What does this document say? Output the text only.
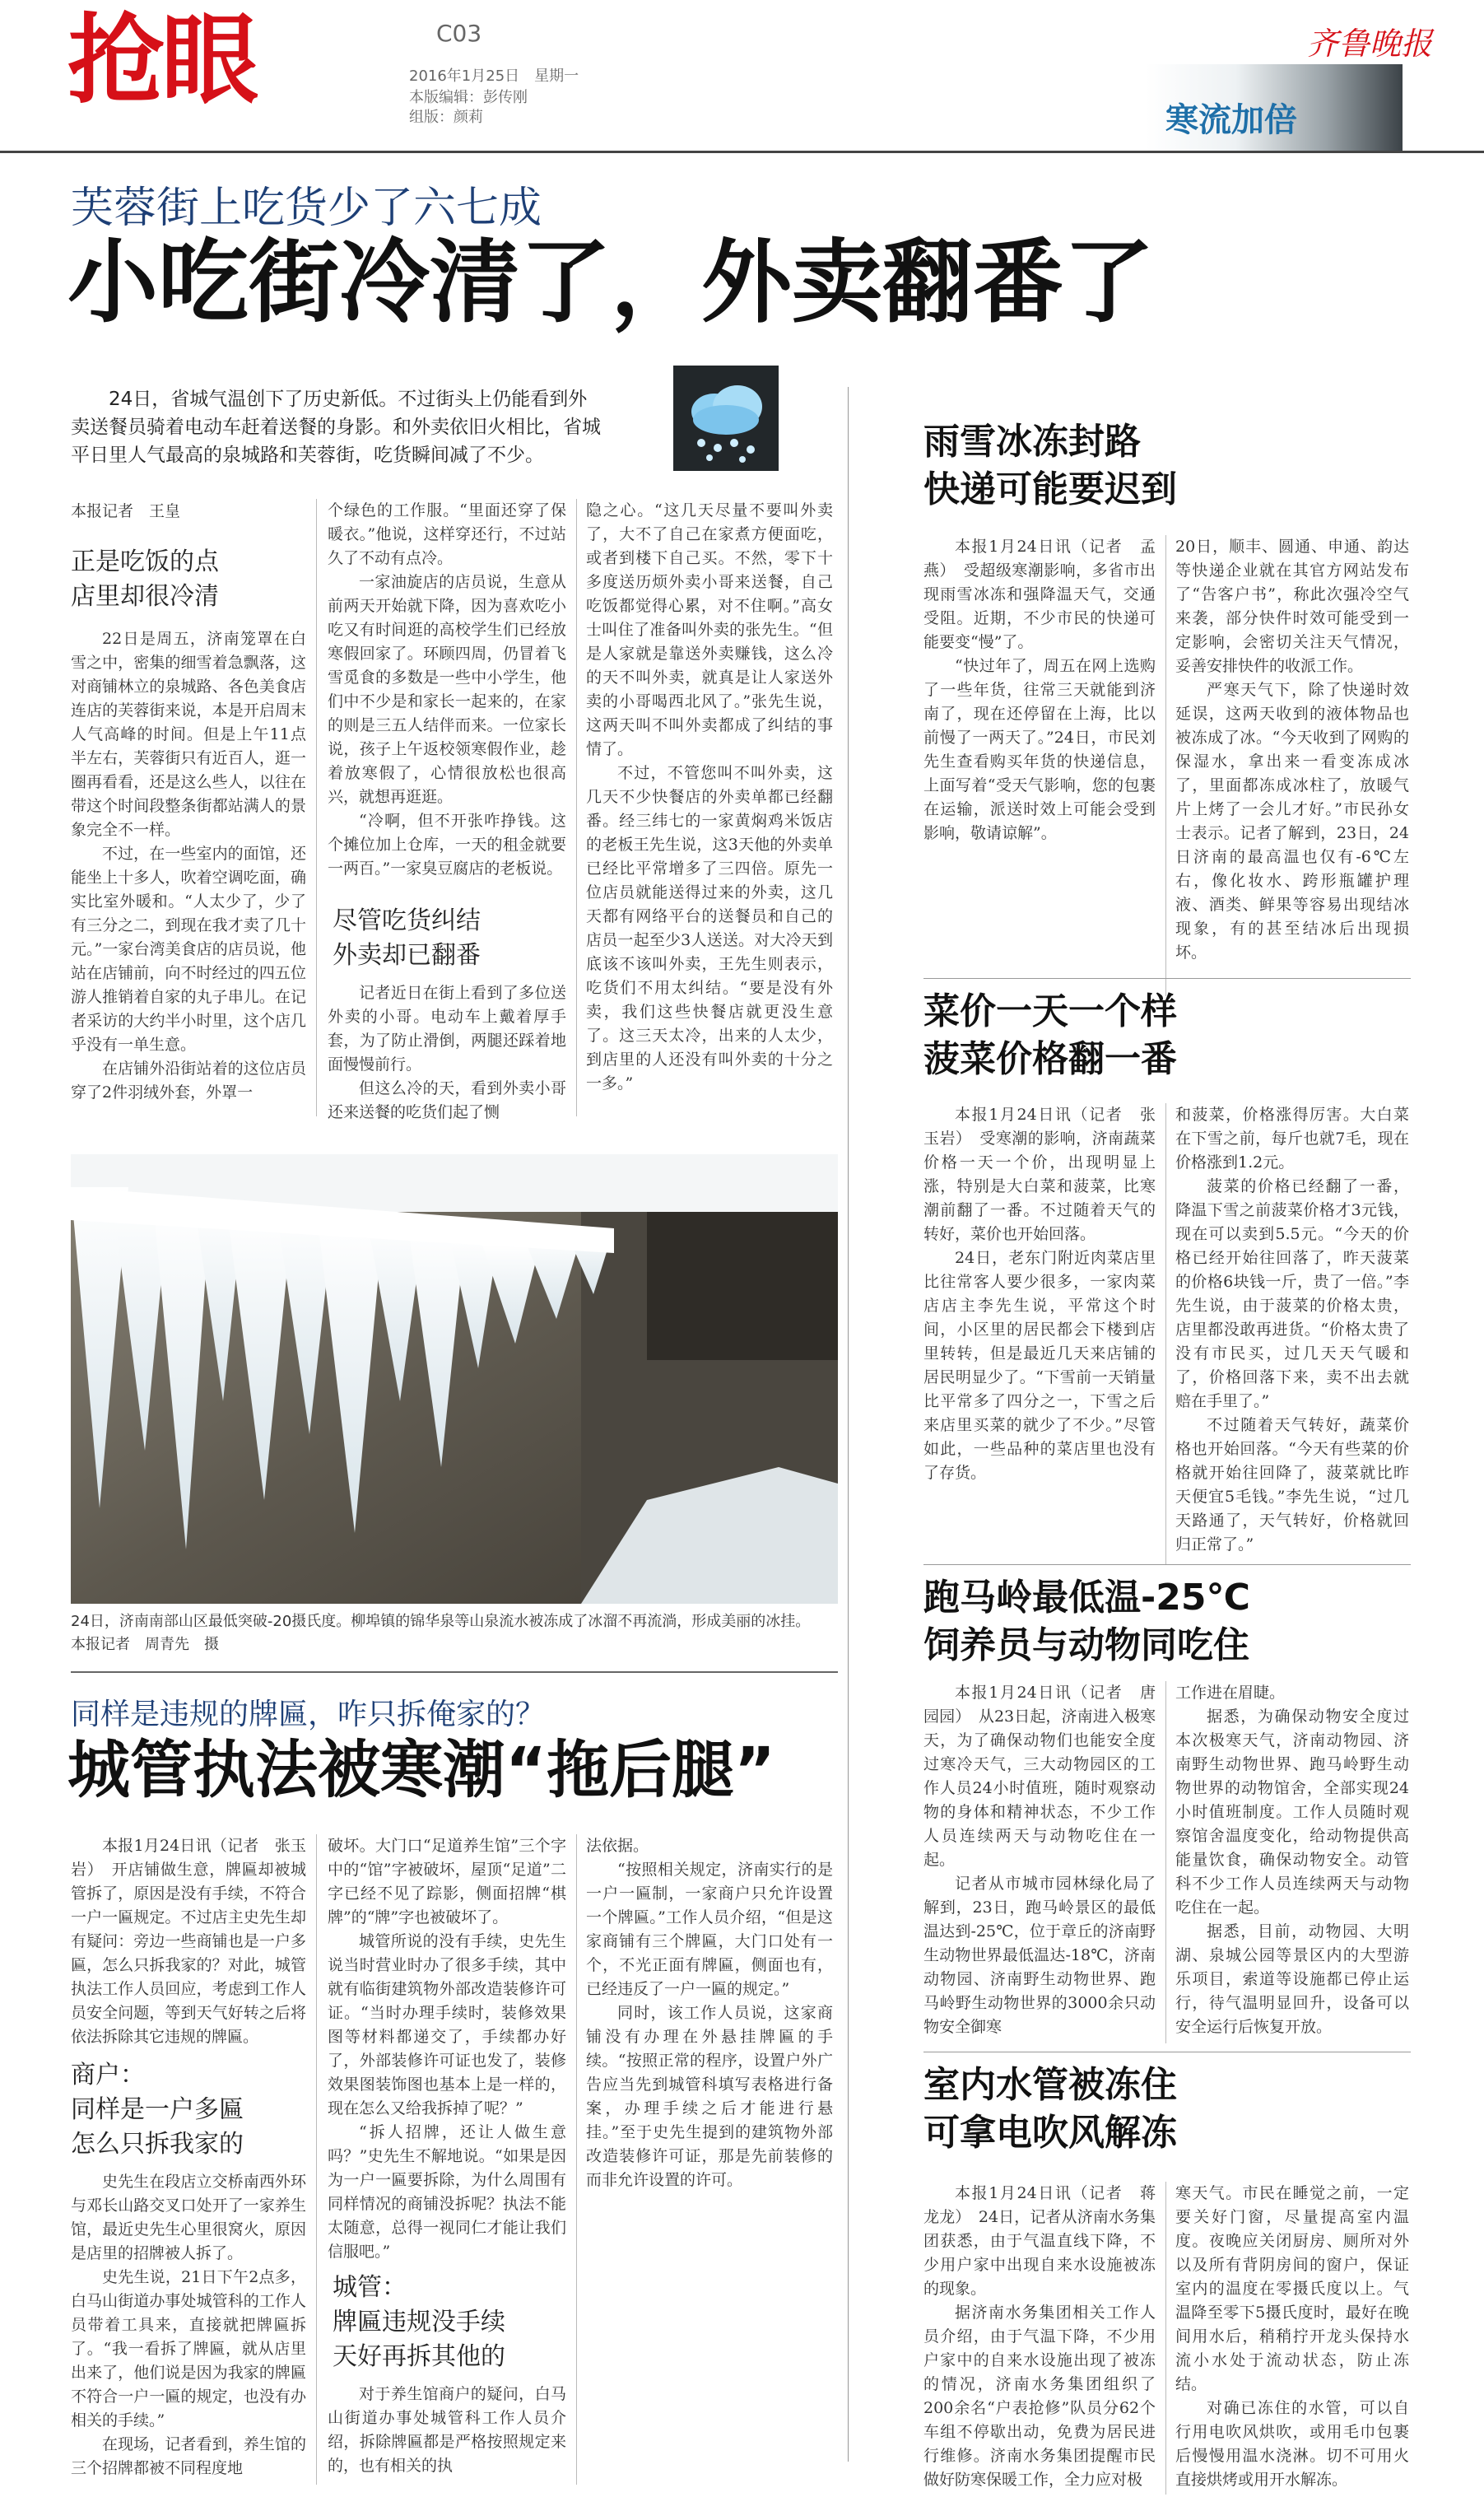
抢眼	C03
2016年1月25日　星期一
本版编辑：彭传刚
组版：颜莉
齐鲁晚报
寒流加倍
芙蓉街上吃货少了六七成
小吃街冷清了，外卖翻番了
24日，省城气温创下了历史新低。不过街头上仍能看到外卖送餐员骑着电动车赶着送餐的身影。和外卖依旧火相比，省城平日里人气最高的泉城路和芙蓉街，吃货瞬间减了不少。
本报记者　王皇
正是吃饭的点
店里却很冷清

22日是周五，济南笼罩在白雪之中，密集的细雪着急飘落，这对商铺林立的泉城路、各色美食店连店的芙蓉街来说，本是开启周末人气高峰的时间。但是上午11点半左右，芙蓉街只有近百人，逛一圈再看看，还是这么些人，以往在带这个时间段整条街都站满人的景象完全不一样。

不过，在一些室内的面馆，还能坐上十多人，吹着空调吃面，确实比室外暖和。“人太少了，少了有三分之二，到现在我才卖了几十元。”一家台湾美食店的店员说，他站在店铺前，向不时经过的四五位游人推销着自家的丸子串儿。在记者采访的大约半小时里，这个店几乎没有一单生意。

在店铺外沿街站着的这位店员穿了2件羽绒外套，外罩一

个绿色的工作服。“里面还穿了保暖衣。”他说，这样穿还行，不过站久了不动有点冷。

一家油旋店的店员说，生意从前两天开始就下降，因为喜欢吃小吃又有时间逛的高校学生们已经放寒假回家了。环顾四周，仍冒着飞雪觅食的多数是一些中小学生，他们中不少是和家长一起来的，在家的则是三五人结伴而来。一位家长说，孩子上午返校领寒假作业，趁着放寒假了，心情很放松也很高兴，就想再逛逛。

“冷啊，但不开张咋挣钱。这个摊位加上仓库，一天的租金就要一两百。”一家臭豆腐店的老板说。

尽管吃货纠结
外卖却已翻番

记者近日在街上看到了多位送外卖的小哥。电动车上戴着厚手套，为了防止滑倒，两腿还踩着地面慢慢前行。

但这么冷的天，看到外卖小哥还来送餐的吃货们起了恻

隐之心。“这几天尽量不要叫外卖了，大不了自己在家煮方便面吃，或者到楼下自己买。不然，零下十多度送历烦外卖小哥来送餐，自己吃饭都觉得心累，对不住啊。”高女士叫住了准备叫外卖的张先生。“但是人家就是靠送外卖赚钱，这么冷的天不叫外卖，就真是让人家送外卖的小哥喝西北风了。”张先生说，这两天叫不叫外卖都成了纠结的事情了。

不过，不管您叫不叫外卖，这几天不少快餐店的外卖单都已经翻番。经三纬七的一家黄焖鸡米饭店的老板王先生说，这3天他的外卖单已经比平常增多了三四倍。原先一位店员就能送得过来的外卖，这几天都有网络平台的送餐员和自己的店员一起至少3人送送。对大冷天到底该不该叫外卖，王先生则表示，吃货们不用太纠结。“要是没有外卖，我们这些快餐店就更没生意了。这三天太冷，出来的人太少，到店里的人还没有叫外卖的十分之一多。”

24日，济南南部山区最低突破-20摄氏度。柳埠镇的锦华泉等山泉流水被冻成了冰溜不再流淌，形成美丽的冰挂。　　本报记者　周青先　摄
同样是违规的牌匾，咋只拆俺家的？
城管执法被寒潮“拖后腿”

本报1月24日讯（记者　张玉岩）　开店铺做生意，牌匾却被城管拆了，原因是没有手续，不符合一户一匾规定。不过店主史先生却有疑问：旁边一些商铺也是一户多匾，怎么只拆我家的？对此，城管执法工作人员回应，考虑到工作人员安全问题，等到天气好转之后将依法拆除其它违规的牌匾。

商户：
同样是一户多匾
怎么只拆我家的

史先生在段店立交桥南西外环与邓长山路交叉口处开了一家养生馆，最近史先生心里很窝火，原因是店里的招牌被人拆了。

史先生说，21日下午2点多，白马山街道办事处城管科的工作人员带着工具来，直接就把牌匾拆了。“我一看拆了牌匾，就从店里出来了，他们说是因为我家的牌匾不符合一户一匾的规定，也没有办相关的手续。”

在现场，记者看到，养生馆的三个招牌都被不同程度地

破坏。大门口“足道养生馆”三个字中的“馆”字被破坏，屋顶“足道”二字已经不见了踪影，侧面招牌“棋牌”的“牌”字也被破坏了。

城管所说的没有手续，史先生说当时营业时办了很多手续，其中就有临街建筑物外部改造装修许可证。“当时办理手续时，装修效果图等材料都递交了，手续都办好了，外部装修许可证也发了，装修效果图装饰图也基本上是一样的，现在怎么又给我拆掉了呢？”

“拆人招牌，还让人做生意吗？”史先生不解地说。“如果是因为一户一匾要拆除，为什么周围有同样情况的商铺没拆呢？执法不能太随意，总得一视同仁才能让我们信服吧。”

城管：
牌匾违规没手续
天好再拆其他的

对于养生馆商户的疑问，白马山街道办事处城管科工作人员介绍，拆除牌匾都是严格按照规定来的，也有相关的执

法依据。

“按照相关规定，济南实行的是一户一匾制，一家商户只允许设置一个牌匾。”工作人员介绍，“但是这家商铺有三个牌匾，大门口处有一个，不光正面有牌匾，侧面也有，已经违反了一户一匾的规定。”

同时，该工作人员说，这家商铺没有办理在外悬挂牌匾的手续。“按照正常的程序，设置户外广告应当先到城管科填写表格进行备案，办理手续之后才能进行悬挂。”至于史先生提到的建筑物外部改造装修许可证，那是先前装修的而非允许设置的许可。

雨雪冰冻封路
快递可能要迟到

本报1月24日讯（记者　孟燕）　受超级寒潮影响，多省市出现雨雪冰冻和强降温天气，交通受阻。近期，不少市民的快递可能要变“慢”了。

“快过年了，周五在网上选购了一些年货，往常三天就能到济南了，现在还停留在上海，比以前慢了一两天了。”24日，市民刘先生查看购买年货的快递信息，上面写着“受天气影响，您的包裹在运输，派送时效上可能会受到影响，敬请谅解”。

20日，顺丰、圆通、申通、韵达等快递企业就在其官方网站发布了“告客户书”，称此次强冷空气来袭，部分快件时效可能受到一定影响，会密切关注天气情况，妥善安排快件的收派工作。

严寒天气下，除了快递时效延误，这两天收到的液体物品也被冻成了冰。“今天收到了网购的保湿水，拿出来一看变冻成冰了，里面都冻成冰柱了，放暖气片上烤了一会儿才好。”市民孙女士表示。记者了解到，23日，24日济南的最高温也仅有-6℃左右，像化妆水、跨形瓶罐护理液、酒类、鲜果等容易出现结冰现象，有的甚至结冰后出现损坏。

菜价一天一个样
菠菜价格翻一番

本报1月24日讯（记者　张玉岩）　受寒潮的影响，济南蔬菜价格一天一个价，出现明显上涨，特别是大白菜和菠菜，比寒潮前翻了一番。不过随着天气的转好，菜价也开始回落。

24日，老东门附近肉菜店里比往常客人要少很多，一家肉菜店店主李先生说，平常这个时间，小区里的居民都会下楼到店里转转，但是最近几天来店铺的居民明显少了。“下雪前一天销量比平常多了四分之一，下雪之后来店里买菜的就少了不少。”尽管如此，一些品种的菜店里也没有了存货。

和菠菜，价格涨得厉害。大白菜在下雪之前，每斤也就7毛，现在价格涨到1.2元。

菠菜的价格已经翻了一番，降温下雪之前菠菜价格才3元钱，现在可以卖到5.5元。“今天的价格已经开始往回落了，昨天菠菜的价格6块钱一斤，贵了一倍。”李先生说，由于菠菜的价格太贵，店里都没敢再进货。“价格太贵了没有市民买，过几天天气暖和了，价格回落下来，卖不出去就赔在手里了。”

不过随着天气转好，蔬菜价格也开始回落。“今天有些菜的价格就开始往回降了，菠菜就比昨天便宜5毛钱。”李先生说，“过几天路通了，天气转好，价格就回归正常了。”

跑马岭最低温-25℃
饲养员与动物同吃住

本报1月24日讯（记者　唐园园）　从23日起，济南进入极寒天，为了确保动物们也能安全度过寒冷天气，三大动物园区的工作人员24小时值班，随时观察动物的身体和精神状态，不少工作人员连续两天与动物吃住在一起。

记者从市城市园林绿化局了解到，23日，跑马岭景区的最低温达到-25℃，位于章丘的济南野生动物世界最低温达-18℃，济南动物园、济南野生动物世界、跑马岭野生动物世界的3000余只动物安全御寒

工作进在眉睫。

据悉，为确保动物安全度过本次极寒天气，济南动物园、济南野生动物世界、跑马岭野生动物世界的动物馆舍，全部实现24小时值班制度。工作人员随时观察馆舍温度变化，给动物提供高能量饮食，确保动物安全。动管科不少工作人员连续两天与动物吃住在一起。

据悉，目前，动物园、大明湖、泉城公园等景区内的大型游乐项目，索道等设施都已停止运行，待气温明显回升，设备可以安全运行后恢复开放。

室内水管被冻住
可拿电吹风解冻

本报1月24日讯（记者　蒋龙龙）　24日，记者从济南水务集团获悉，由于气温直线下降，不少用户家中出现自来水设施被冻的现象。

据济南水务集团相关工作人员介绍，由于气温下降，不少用户家中的自来水设施出现了被冻的情况，济南水务集团组织了200余名“户表抢修”队员分62个车组不停歇出动，免费为居民进行维修。济南水务集团提醒市民做好防寒保暖工作，全力应对极

寒天气。市民在睡觉之前，一定要关好门窗，尽量提高室内温度。夜晚应关闭厨房、厕所对外以及所有背阴房间的窗户，保证室内的温度在零摄氏度以上。气温降至零下5摄氏度时，最好在晚间用水后，稍稍拧开龙头保持水流小水处于流动状态，防止冻结。

对确已冻住的水管，可以自行用电吹风烘吹，或用毛巾包裹后慢慢用温水浇淋。切不可用火直接烘烤或用开水解冻。
